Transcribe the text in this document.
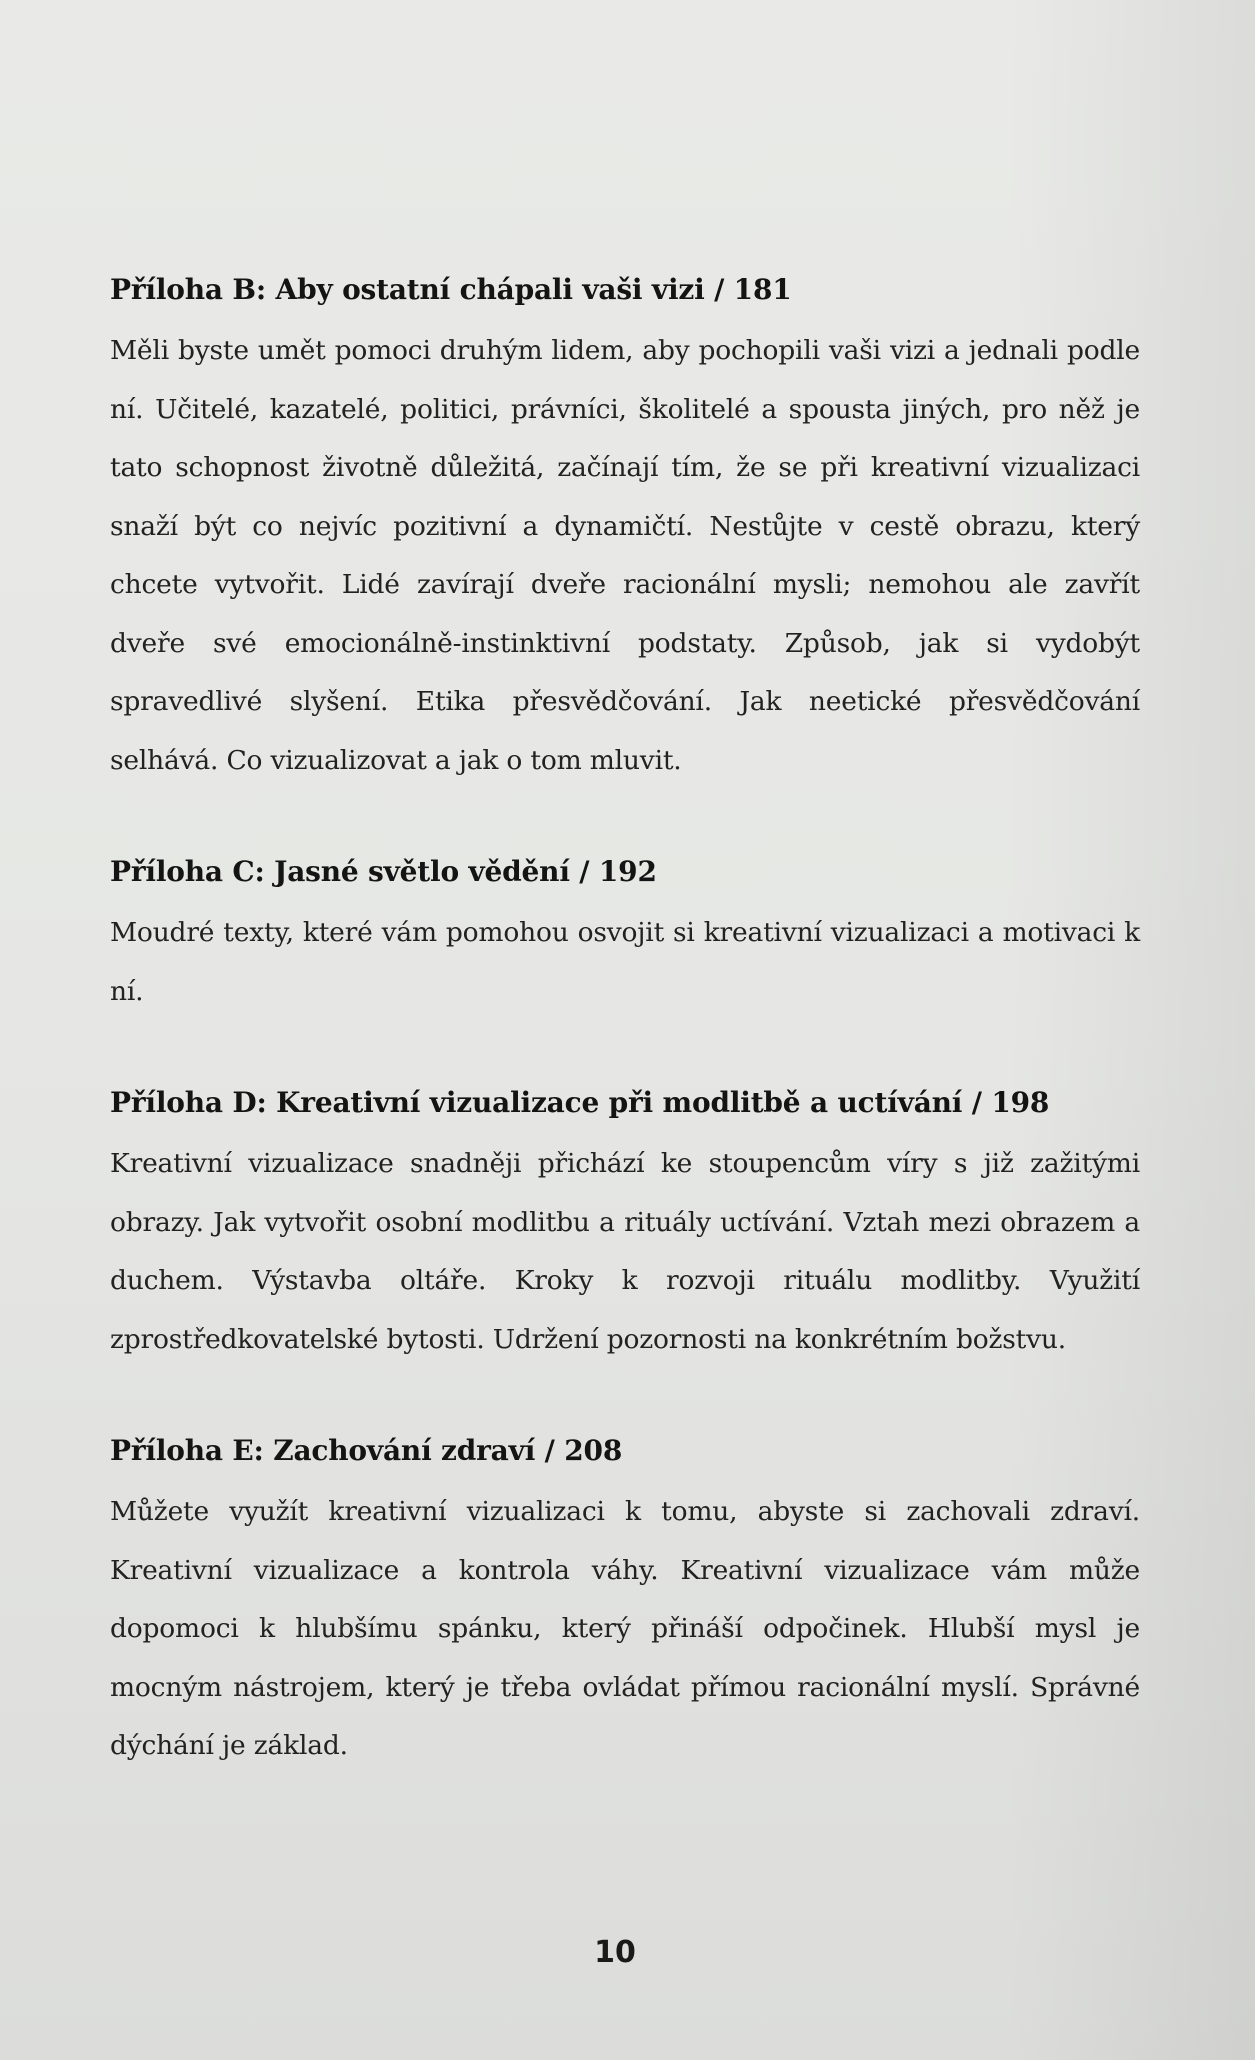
Příloha B: Aby ostatní chápali vaši vizi / 181

Měli byste umět pomoci druhým lidem, aby pochopili vaši vizi a jednali podle ní. Učitelé, kazatelé, politici, právníci, školitelé a spousta jiných, pro něž je tato schopnost životně důležitá, začínají tím, že se při kreativní vizualizaci snaží být co nejvíc pozitivní a dynamičtí. Nestůjte v cestě obrazu, který chcete vytvořit. Lidé zavírají dveře racionální mysli; nemohou ale zavřít dveře své emocionálně-instinktivní podstaty. Způsob, jak si vydobýt spravedlivé slyšení. Etika přesvědčování. Jak neetické přesvědčování selhává. Co vizualizovat a jak o tom mluvit.

Příloha C: Jasné světlo vědění / 192

Moudré texty, které vám pomohou osvojit si kreativní vizualizaci a motivaci k ní.

Příloha D: Kreativní vizualizace při modlitbě a uctívání / 198

Kreativní vizualizace snadněji přichází ke stoupencům víry s již zažitými obrazy. Jak vytvořit osobní modlitbu a rituály uctívání. Vztah mezi obrazem a duchem. Výstavba oltáře. Kroky k rozvoji rituálu modlitby. Využití zprostředkovatelské bytosti. Udržení pozornosti na konkrétním božstvu.

Příloha E: Zachování zdraví / 208

Můžete využít kreativní vizualizaci k tomu, abyste si zachovali zdraví. Kreativní vizualizace a kontrola váhy. Kreativní vizualizace vám může dopomoci k hlubšímu spánku, který přináší odpočinek. Hlubší mysl je mocným nástrojem, který je třeba ovládat přímou racionální myslí. Správné dýchání je základ.

10
